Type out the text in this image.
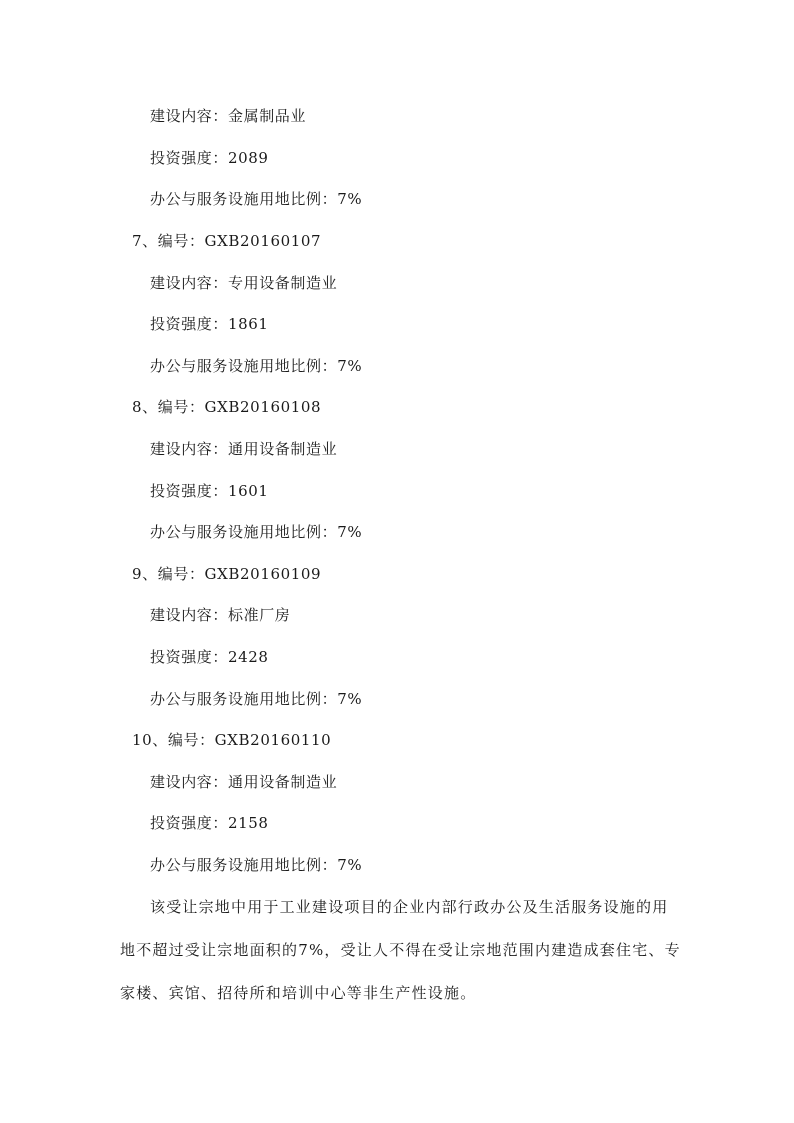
建设内容：金属制品业
投资强度：2089
办公与服务设施用地比例：7%
7、编号：GXB20160107
建设内容：专用设备制造业
投资强度：1861
办公与服务设施用地比例：7%
8、编号：GXB20160108
建设内容：通用设备制造业
投资强度：1601
办公与服务设施用地比例：7%
9、编号：GXB20160109
建设内容：标准厂房
投资强度：2428
办公与服务设施用地比例：7%
10、编号：GXB20160110
建设内容：通用设备制造业
投资强度：2158
办公与服务设施用地比例：7%
该受让宗地中用于工业建设项目的企业内部行政办公及生活服务设施的用
地不超过受让宗地面积的7%，受让人不得在受让宗地范围内建造成套住宅、专
家楼、宾馆、招待所和培训中心等非生产性设施。
